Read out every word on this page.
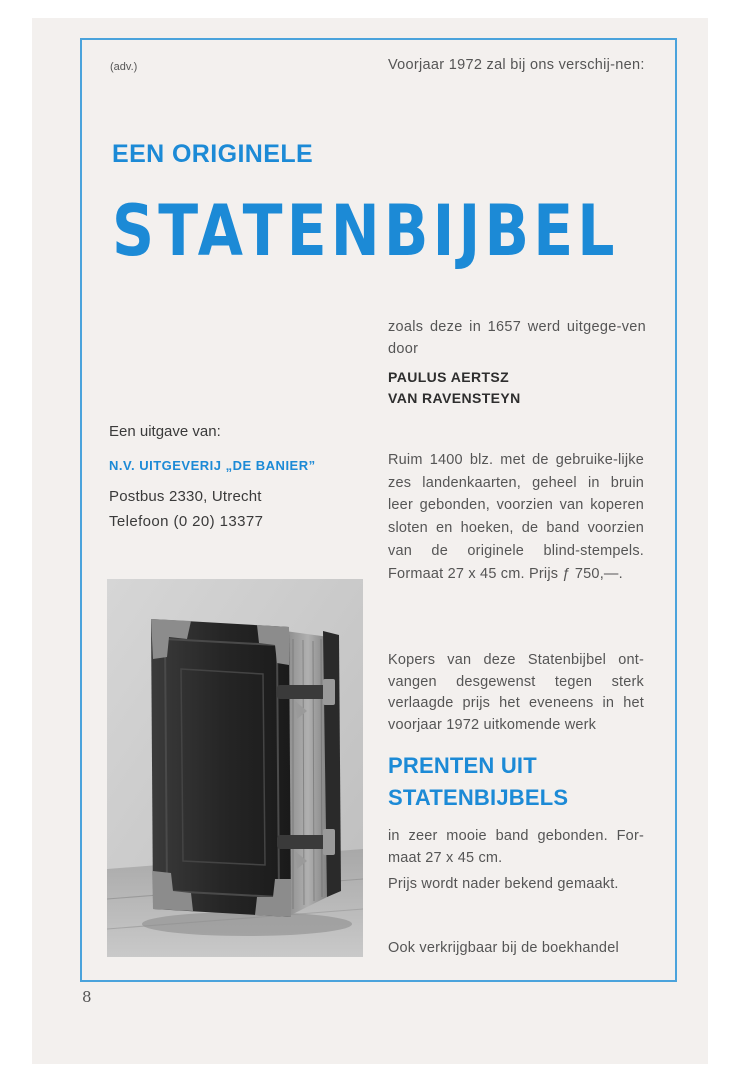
(adv.)	Voorjaar 1972 zal bij ons verschij-nen:

EEN ORIGINELE

STATENBIJBEL

zoals deze in 1657 werd uitgege-ven door

PAULUS AERTSZ

VAN RAVENSTEYN

Een uitgave van:

N.V. UITGEVERIJ „DE BANIER”

Postbus 2330, Utrecht

Telefoon (0 20) 13377

Ruim 1400 blz. met de gebruike-lijke zes landenkaarten, geheel in bruin leer gebonden, voorzien van koperen sloten en hoeken, de band voorzien van de originele blind-stempels. Formaat 27 x 45 cm. Prijs ƒ 750,—.

Kopers van deze Statenbijbel ont-vangen desgewenst tegen sterk verlaagde prijs het eveneens in het voorjaar 1972 uitkomende werk

PRENTEN UIT

STATENBIJBELS

in zeer mooie band gebonden. For-maat 27 x 45 cm.

Prijs wordt nader bekend gemaakt.

Ook verkrijgbaar bij de boekhandel

8
